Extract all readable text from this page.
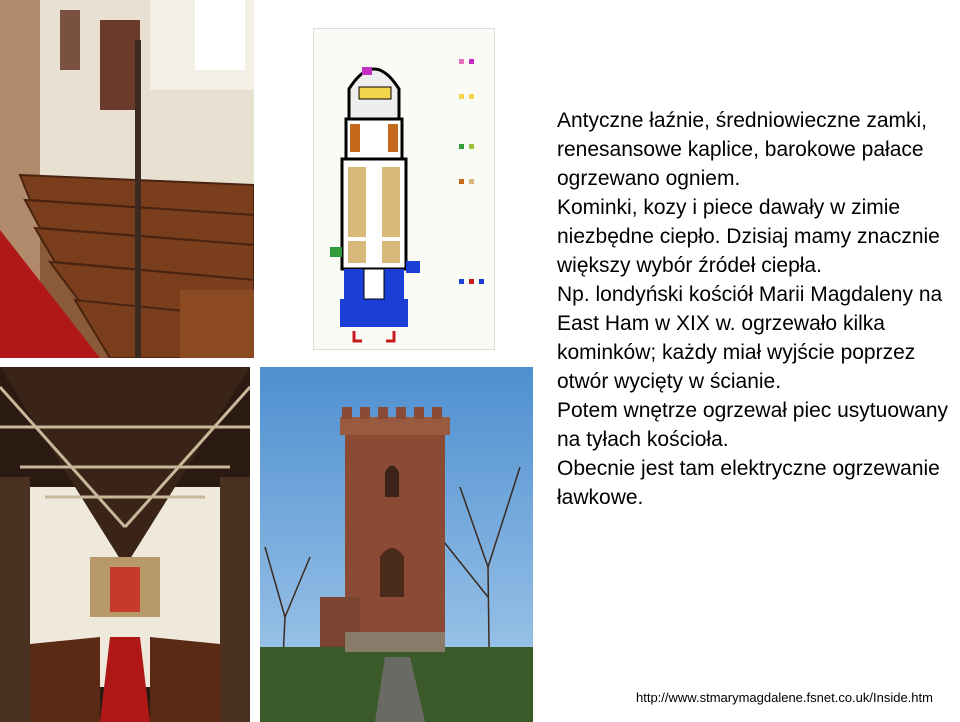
Antyczne łaźnie, średniowieczne zamki, renesansowe kaplice, barokowe pałace ogrzewano ogniem.

Kominki, kozy i piece dawały w zimie niezbędne ciepło. Dzisiaj mamy znacznie większy wybór źródeł ciepła.

Np. londyński kościół Marii Magdaleny na East Ham w XIX w. ogrzewało kilka kominków; każdy miał wyjście poprzez otwór wycięty w ścianie.

Potem wnętrze ogrzewał piec usytuowany na tyłach kościoła.

Obecnie jest tam elektryczne ogrzewanie ławkowe.

http://www.stmarymagdalene.fsnet.co.uk/Inside.htm
